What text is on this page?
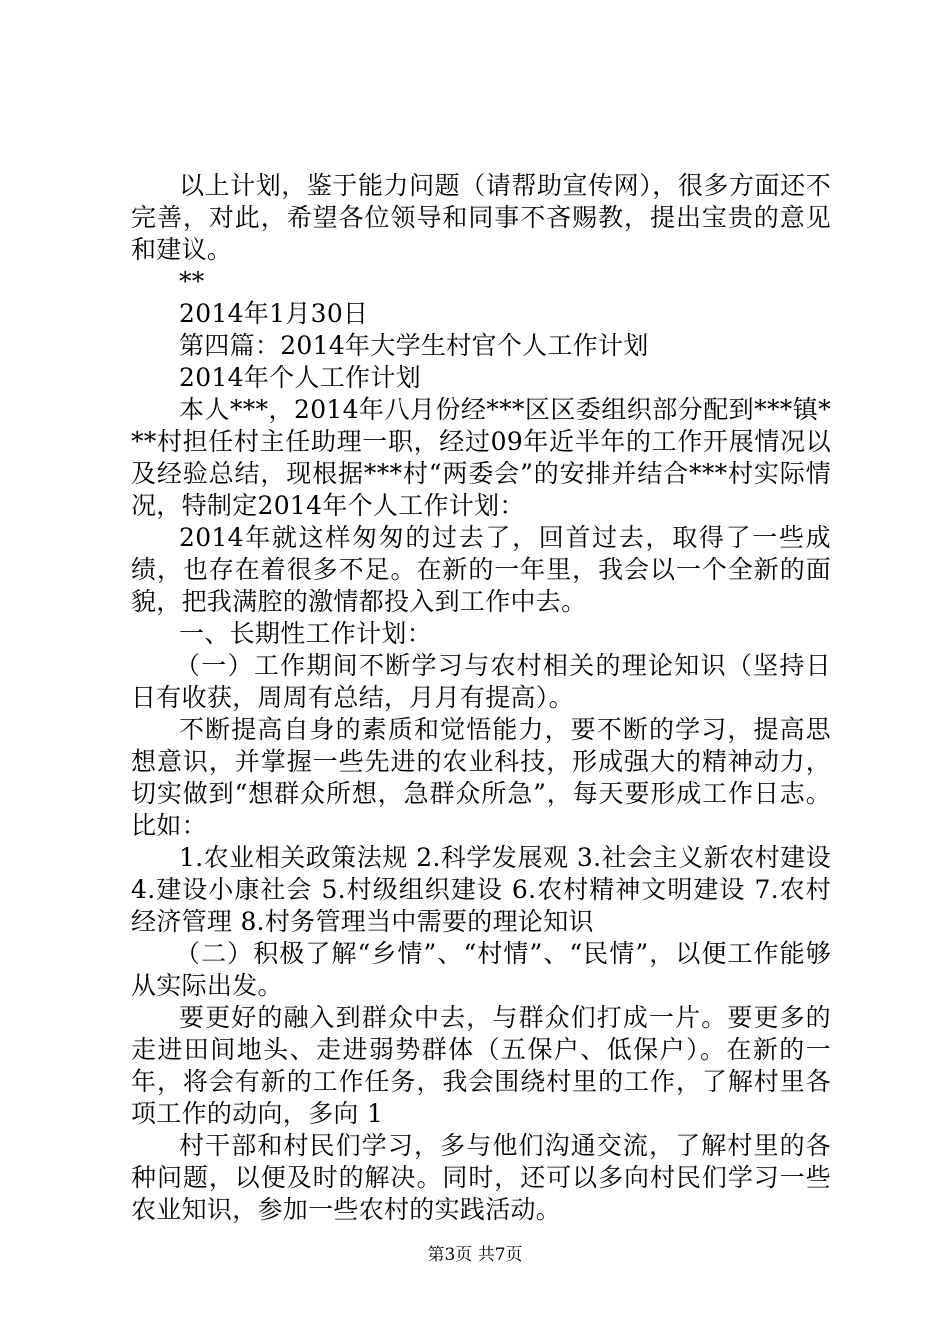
以上计划，鉴于能力问题（请帮助宣传网），很多方面还不完善，对此，希望各位领导和同事不吝赐教，提出宝贵的意见和建议。

**

2014年1月30日

第四篇：2014年大学生村官个人工作计划

2014年个人工作计划

本人***，2014年八月份经***区区委组织部分配到***镇***村担任村主任助理一职，经过09年近半年的工作开展情况以及经验总结，现根据***村“两委会”的安排并结合***村实际情况，特制定2014年个人工作计划：

2014年就这样匆匆的过去了，回首过去，取得了一些成绩，也存在着很多不足。在新的一年里，我会以一个全新的面貌，把我满腔的激情都投入到工作中去。

一、长期性工作计划：

（一）工作期间不断学习与农村相关的理论知识（坚持日日有收获，周周有总结，月月有提高）。

不断提高自身的素质和觉悟能力，要不断的学习，提高思想意识，并掌握一些先进的农业科技，形成强大的精神动力，切实做到“想群众所想，急群众所急”，每天要形成工作日志。比如：

1.农业相关政策法规 2.科学发展观 3.社会主义新农村建设 4.建设小康社会 5.村级组织建设 6.农村精神文明建设 7.农村经济管理 8.村务管理当中需要的理论知识

（二）积极了解“乡情”、“村情”、“民情”，以便工作能够从实际出发。

要更好的融入到群众中去，与群众们打成一片。要更多的走进田间地头、走进弱势群体（五保户、低保户）。在新的一年，将会有新的工作任务，我会围绕村里的工作，了解村里各项工作的动向，多向 1

村干部和村民们学习，多与他们沟通交流，了解村里的各种问题，以便及时的解决。同时，还可以多向村民们学习一些农业知识，参加一些农村的实践活动。

第3页 共7页
